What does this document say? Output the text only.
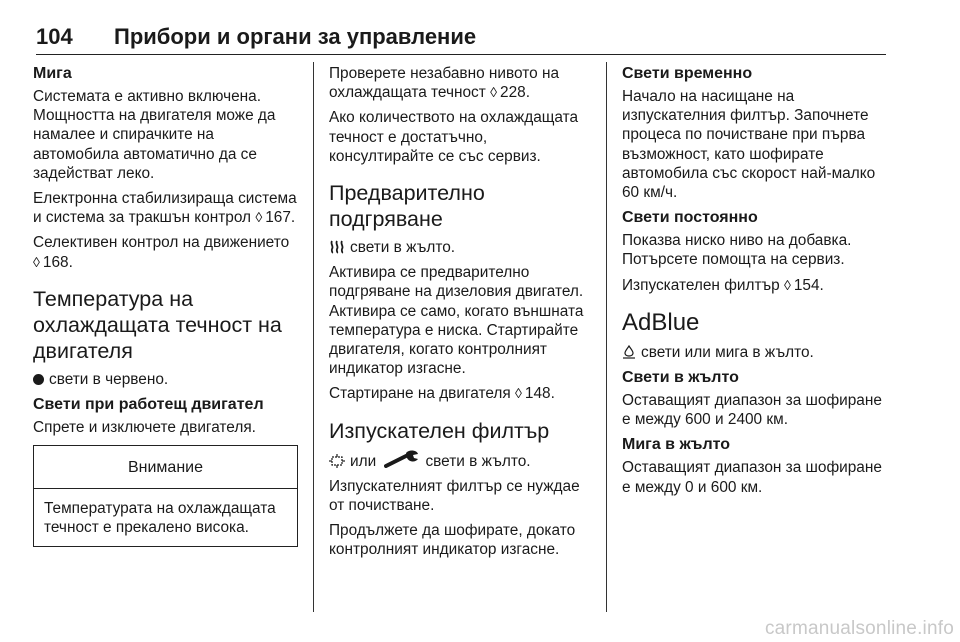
104 Прибори и органи за управление
Мига

Системата е активно включена. Мощността на двигателя може да намалее и спирачките на автомобила автоматично да се задействат леко.

Електронна стабилизираща система и система за тракшън контрол ◊ 167.

Селективен контрол на движението ◊ 168.

Температура на охлаждащата течност на двигателя

свети в червено.

Свети при работещ двигател

Спрете и изключете двигателя.

Внимание
Температурата на охлаждащата течност е прекалено висока.

Проверете незабавно нивото на охлаждащата течност ◊ 228.

Ако количеството на охлаждащата течност е достатъчно, консултирайте се със сервиз.

Предварително подгряване

свети в жълто.

Активира се предварително подгряване на дизеловия двигател. Активира се само, когато външната температура е ниска. Стартирайте двигателя, когато контролният индикатор изгасне.

Стартиране на двигателя ◊ 148.

Изпускателен филтър

или	свети в жълто.

Изпускателният филтър се нуждае от почистване.

Продължете да шофирате, докато контролният индикатор изгасне.

Свети временно

Начало на насищане на изпускателния филтър. Започнете процеса по почистване при първа възможност, като шофирате автомобила със скорост най-малко 60 км/ч.

Свети постоянно

Показва ниско ниво на добавка. Потърсете помощта на сервиз.

Изпускателен филтър ◊ 154.

AdBlue

свети или мига в жълто.

Свети в жълто

Оставащият диапазон за шофиране е между 600 и 2400 км.

Мига в жълто

Оставащият диапазон за шофиране е между 0 и 600 км.

carmanualsonline.info
